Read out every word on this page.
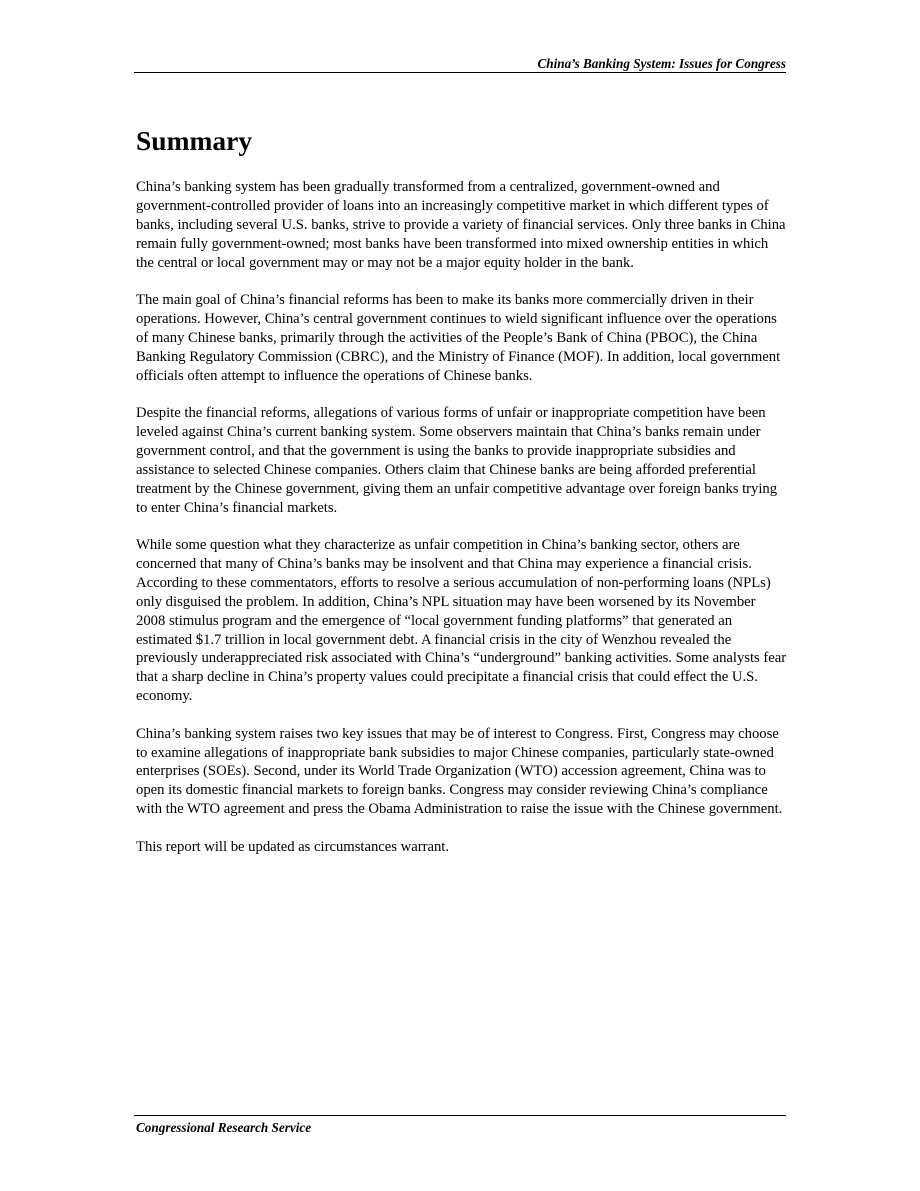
China’s Banking System: Issues for Congress
Summary

China’s banking system has been gradually transformed from a centralized, government-owned and government-controlled provider of loans into an increasingly competitive market in which different types of banks, including several U.S. banks, strive to provide a variety of financial services. Only three banks in China remain fully government-owned; most banks have been transformed into mixed ownership entities in which the central or local government may or may not be a major equity holder in the bank.

The main goal of China’s financial reforms has been to make its banks more commercially driven in their operations. However, China’s central government continues to wield significant influence over the operations of many Chinese banks, primarily through the activities of the People’s Bank of China (PBOC), the China Banking Regulatory Commission (CBRC), and the Ministry of Finance (MOF). In addition, local government officials often attempt to influence the operations of Chinese banks.

Despite the financial reforms, allegations of various forms of unfair or inappropriate competition have been leveled against China’s current banking system. Some observers maintain that China’s banks remain under government control, and that the government is using the banks to provide inappropriate subsidies and assistance to selected Chinese companies. Others claim that Chinese banks are being afforded preferential treatment by the Chinese government, giving them an unfair competitive advantage over foreign banks trying to enter China’s financial markets.

While some question what they characterize as unfair competition in China’s banking sector, others are concerned that many of China’s banks may be insolvent and that China may experience a financial crisis. According to these commentators, efforts to resolve a serious accumulation of non-performing loans (NPLs) only disguised the problem. In addition, China’s NPL situation may have been worsened by its November 2008 stimulus program and the emergence of “local government funding platforms” that generated an estimated $1.7 trillion in local government debt. A financial crisis in the city of Wenzhou revealed the previously underappreciated risk associated with China’s “underground” banking activities. Some analysts fear that a sharp decline in China’s property values could precipitate a financial crisis that could effect the U.S. economy.

China’s banking system raises two key issues that may be of interest to Congress. First, Congress may choose to examine allegations of inappropriate bank subsidies to major Chinese companies, particularly state-owned enterprises (SOEs). Second, under its World Trade Organization (WTO) accession agreement, China was to open its domestic financial markets to foreign banks. Congress may consider reviewing China’s compliance with the WTO agreement and press the Obama Administration to raise the issue with the Chinese government.

This report will be updated as circumstances warrant.

Congressional Research Service
